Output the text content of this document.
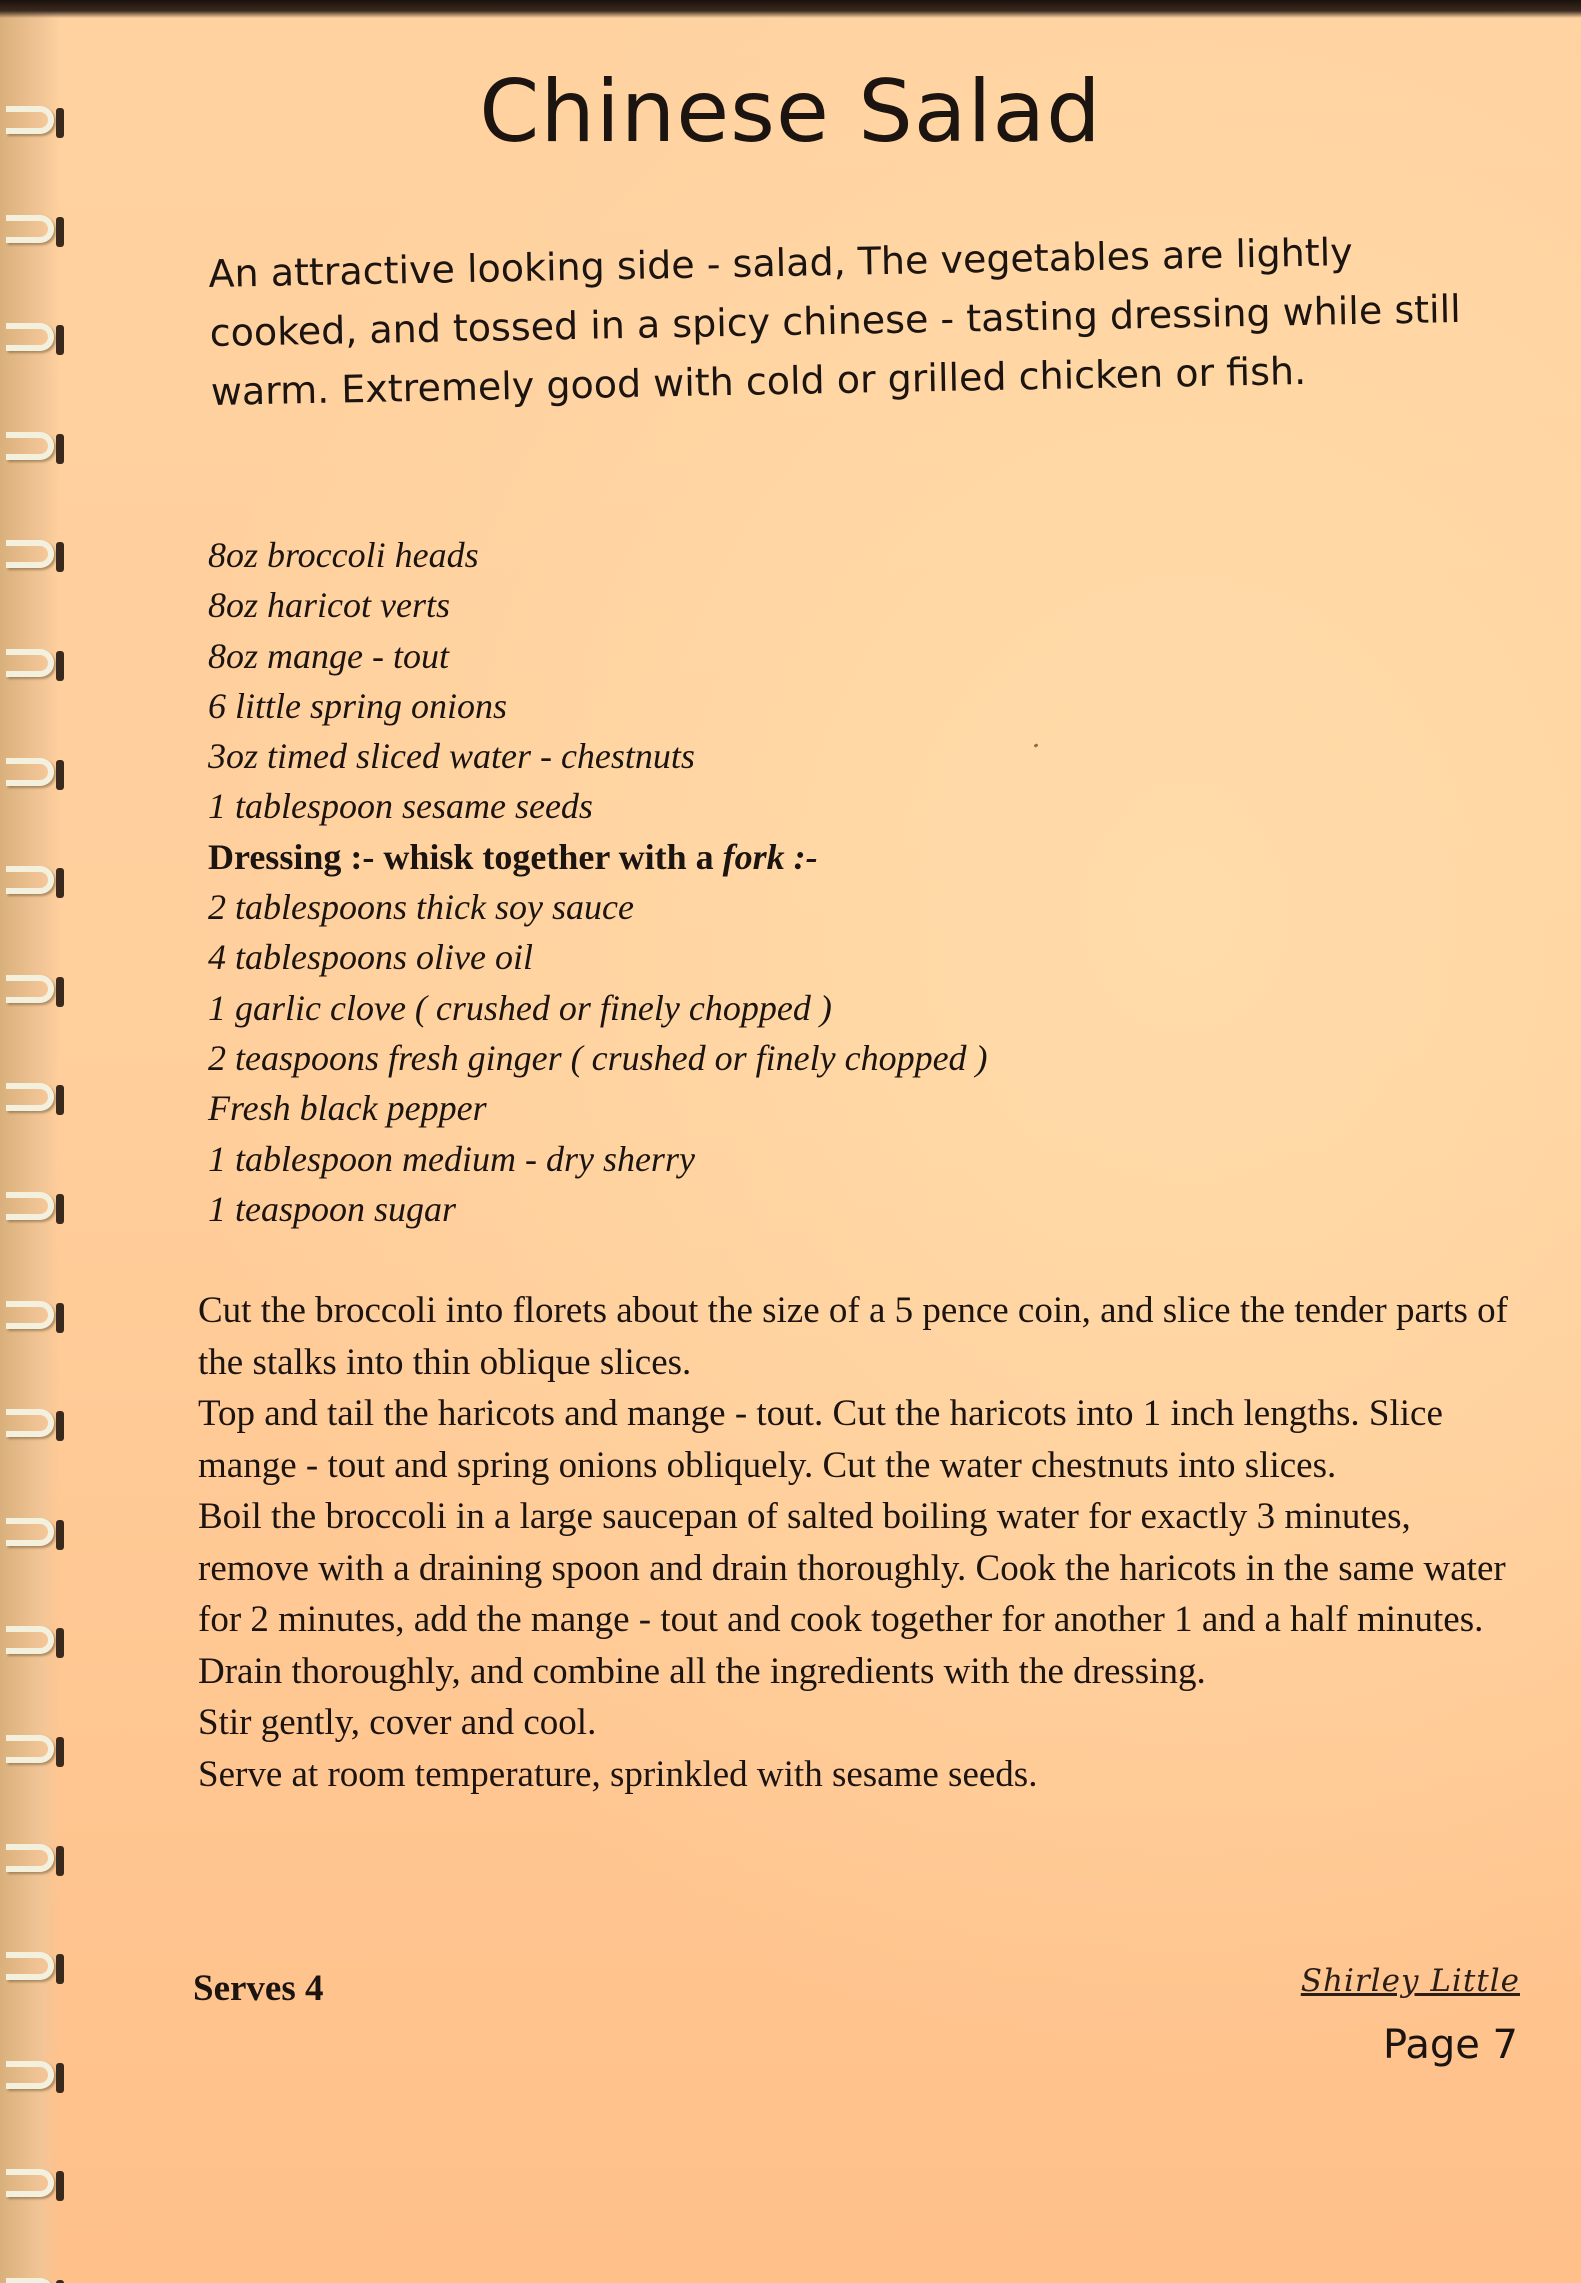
Chinese Salad
An attractive looking side - salad, The vegetables are lightly cooked, and tossed in a spicy chinese - tasting dressing while still warm. Extremely good with cold or grilled chicken or fish.
8oz broccoli heads
8oz haricot verts
8oz mange - tout
6 little spring onions
3oz timed sliced water - chestnuts
1 tablespoon sesame seeds
Dressing :- whisk together with a fork :-
2 tablespoons thick soy sauce
4 tablespoons olive oil
1 garlic clove ( crushed or finely chopped )
2 teaspoons fresh ginger ( crushed or finely chopped )
Fresh black pepper
1 tablespoon medium - dry sherry
1 teaspoon sugar
Cut the broccoli into florets about the size of a 5 pence coin, and slice the tender parts of the stalks into thin oblique slices.
Top and tail the haricots and mange - tout. Cut the haricots into 1 inch lengths. Slice mange - tout and spring onions obliquely. Cut the water chestnuts into slices.
Boil the broccoli in a large saucepan of salted boiling water for exactly 3 minutes, remove with a draining spoon and drain thoroughly. Cook the haricots in the same water for 2 minutes, add the mange - tout and cook together for another 1 and a half minutes.
Drain thoroughly, and combine all the ingredients with the dressing.
Stir gently, cover and cool.
Serve at room temperature, sprinkled with sesame seeds.
Serves 4	Shirley Little
Page 7
